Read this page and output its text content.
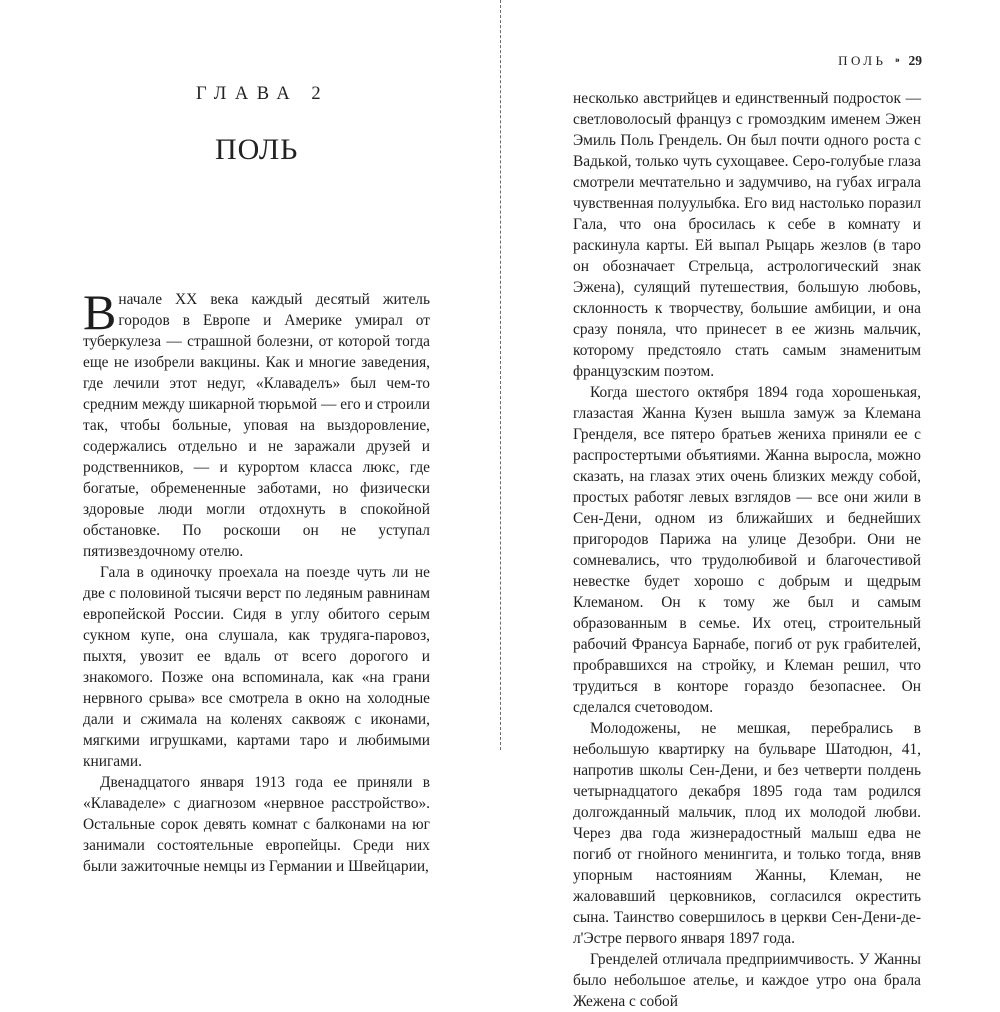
ГЛАВА 2
ПОЛЬ

Вначале XX века каждый десятый житель городов в Европе и Америке умирал от туберкулеза — страшной болезни, от которой тогда еще не изобрели вакцины. Как и многие заведения, где лечили этот недуг, «Клаваделъ» был чем-то средним между шикарной тюрьмой — его и строили так, чтобы больные, уповая на выздоровление, содержались отдельно и не заражали друзей и родственников, — и курортом класса люкс, где богатые, обремененные заботами, но физически здоровые люди могли отдохнуть в спокойной обстановке. По роскоши он не уступал пятизвездочному отелю.

Гала в одиночку проехала на поезде чуть ли не две с половиной тысячи верст по ледяным равнинам европейской России. Сидя в углу обитого серым сукном купе, она слушала, как трудяга-паровоз, пыхтя, увозит ее вдаль от всего дорогого и знакомого. Позже она вспоминала, как «на грани нервного срыва» все смотрела в окно на холодные дали и сжимала на коленях саквояж с иконами, мягкими игрушками, картами таро и любимыми книгами.

Двенадцатого января 1913 года ее приняли в «Клаваделе» с диагнозом «нервное расстройство». Остальные сорок девять комнат с балконами на юг занимали состоятельные европейцы. Среди них были зажиточные немцы из Германии и Швейцарии,

ПОЛЬ ⁍ 29

несколько австрийцев и единственный подросток — светловолосый француз с громоздким именем Эжен Эмиль Поль Грендель. Он был почти одного роста с Вадькой, только чуть сухощавее. Серо-голубые глаза смотрели мечтательно и задумчиво, на губах играла чувственная полуулыбка. Его вид настолько поразил Гала, что она бросилась к себе в комнату и раскинула карты. Ей выпал Рыцарь жезлов (в таро он обозначает Стрельца, астрологический знак Эжена), сулящий путешествия, большую любовь, склонность к творчеству, большие амбиции, и она сразу поняла, что принесет в ее жизнь мальчик, которому предстояло стать самым знаменитым французским поэтом.

Когда шестого октября 1894 года хорошенькая, глазастая Жанна Кузен вышла замуж за Клемана Гренделя, все пятеро братьев жениха приняли ее с распростертыми объятиями. Жанна выросла, можно сказать, на глазах этих очень близких между собой, простых работяг левых взглядов — все они жили в Сен-Дени, одном из ближайших и беднейших пригородов Парижа на улице Дезобри. Они не сомневались, что трудолюбивой и благочестивой невестке будет хорошо с добрым и щедрым Клеманом. Он к тому же был и самым образованным в семье. Их отец, строительный рабочий Франсуа Барнабе, погиб от рук грабителей, пробравшихся на стройку, и Клеман решил, что трудиться в конторе гораздо безопаснее. Он сделался счетоводом.

Молодожены, не мешкая, перебрались в небольшую квартирку на бульваре Шатодюн, 41, напротив школы Сен-Дени, и без четверти полдень четырнадцатого декабря 1895 года там родился долгожданный мальчик, плод их молодой любви. Через два года жизнерадостный малыш едва не погиб от гнойного менингита, и только тогда, вняв упорным настояниям Жанны, Клеман, не жаловавший церковников, согласился окрестить сына. Таинство совершилось в церкви Сен-Дени-де-л'Эстре первого января 1897 года.

Гренделей отличала предприимчивость. У Жанны было небольшое ателье, и каждое утро она брала Жежена с собой
